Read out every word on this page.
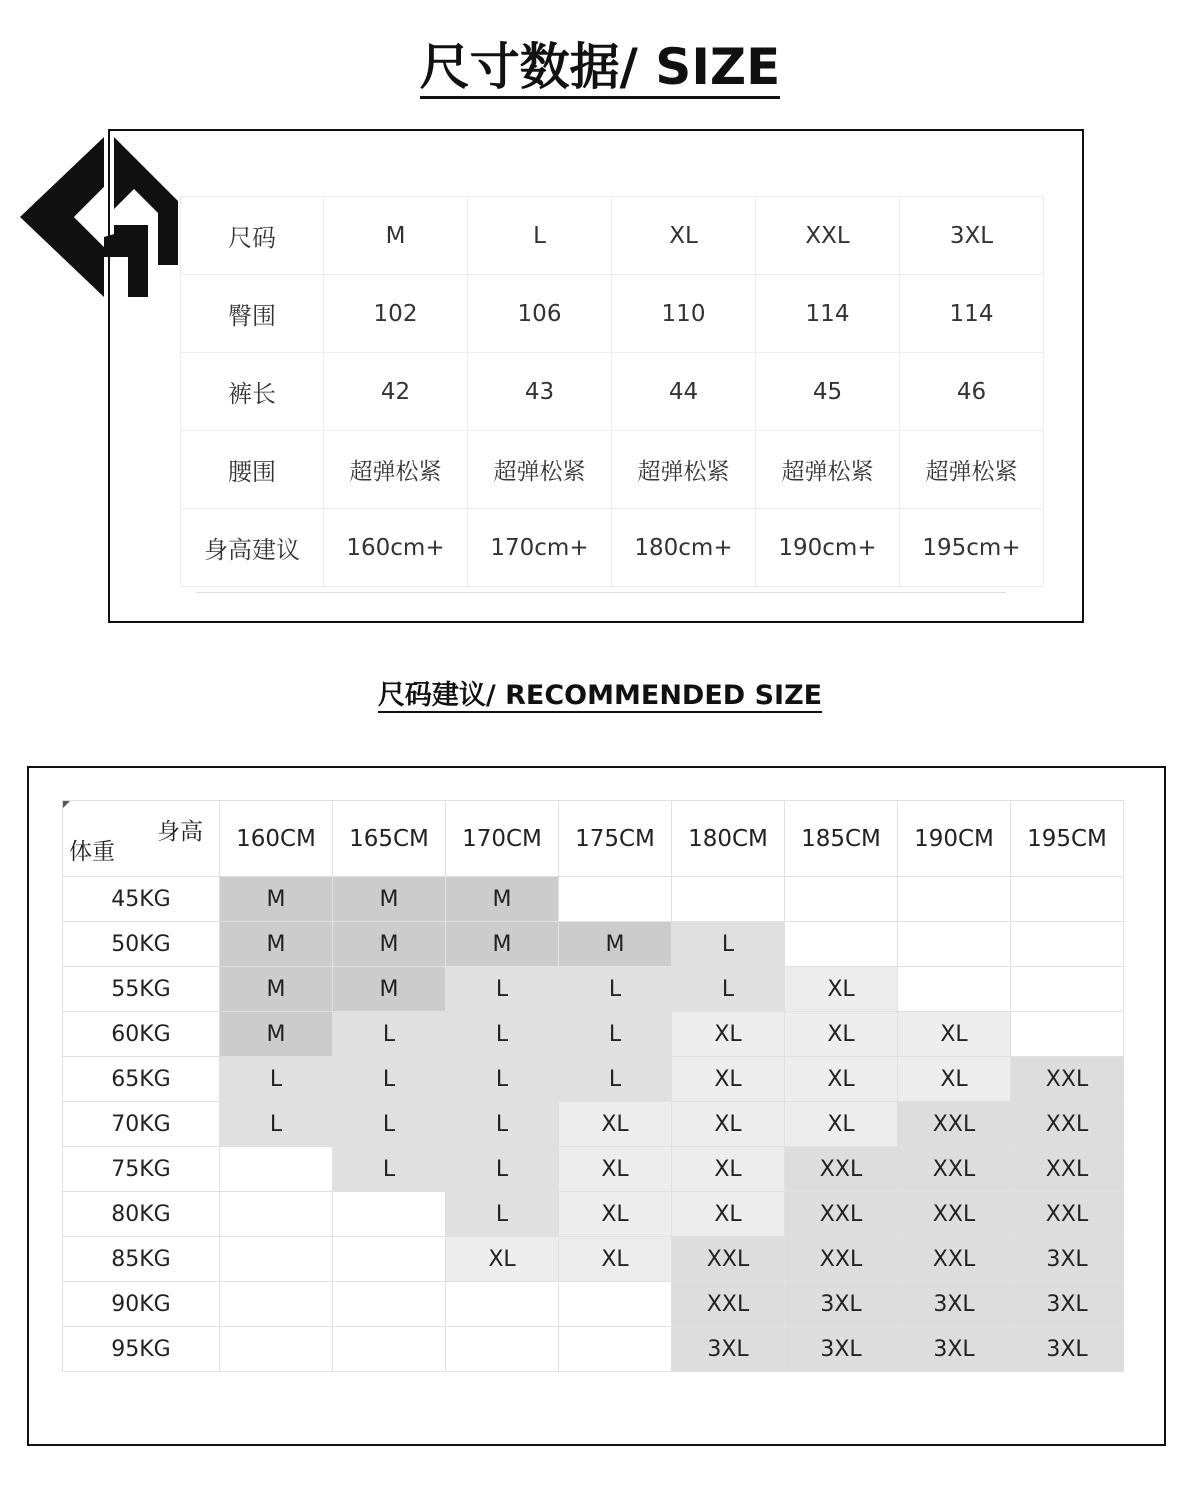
尺寸数据/ SIZE
尺码	M	L	XL	XXL	3XL
臀围	102	106	110	114	114
裤长	42	43	44	45	46
腰围	超弹松紧	超弹松紧	超弹松紧	超弹松紧	超弹松紧
身高建议	160cm+	170cm+	180cm+	190cm+	195cm+
尺码建议/ RECOMMENDED SIZE
身高
体重	160CM	165CM	170CM	175CM	180CM	185CM	190CM	195CM
45KG	M	M	M					
50KG	M	M	M	M	L			
55KG	M	M	L	L	L	XL		
60KG	M	L	L	L	XL	XL	XL	
65KG	L	L	L	L	XL	XL	XL	XXL
70KG	L	L	L	XL	XL	XL	XXL	XXL
75KG		L	L	XL	XL	XXL	XXL	XXL
80KG			L	XL	XL	XXL	XXL	XXL
85KG			XL	XL	XXL	XXL	XXL	3XL
90KG					XXL	3XL	3XL	3XL
95KG					3XL	3XL	3XL	3XL
